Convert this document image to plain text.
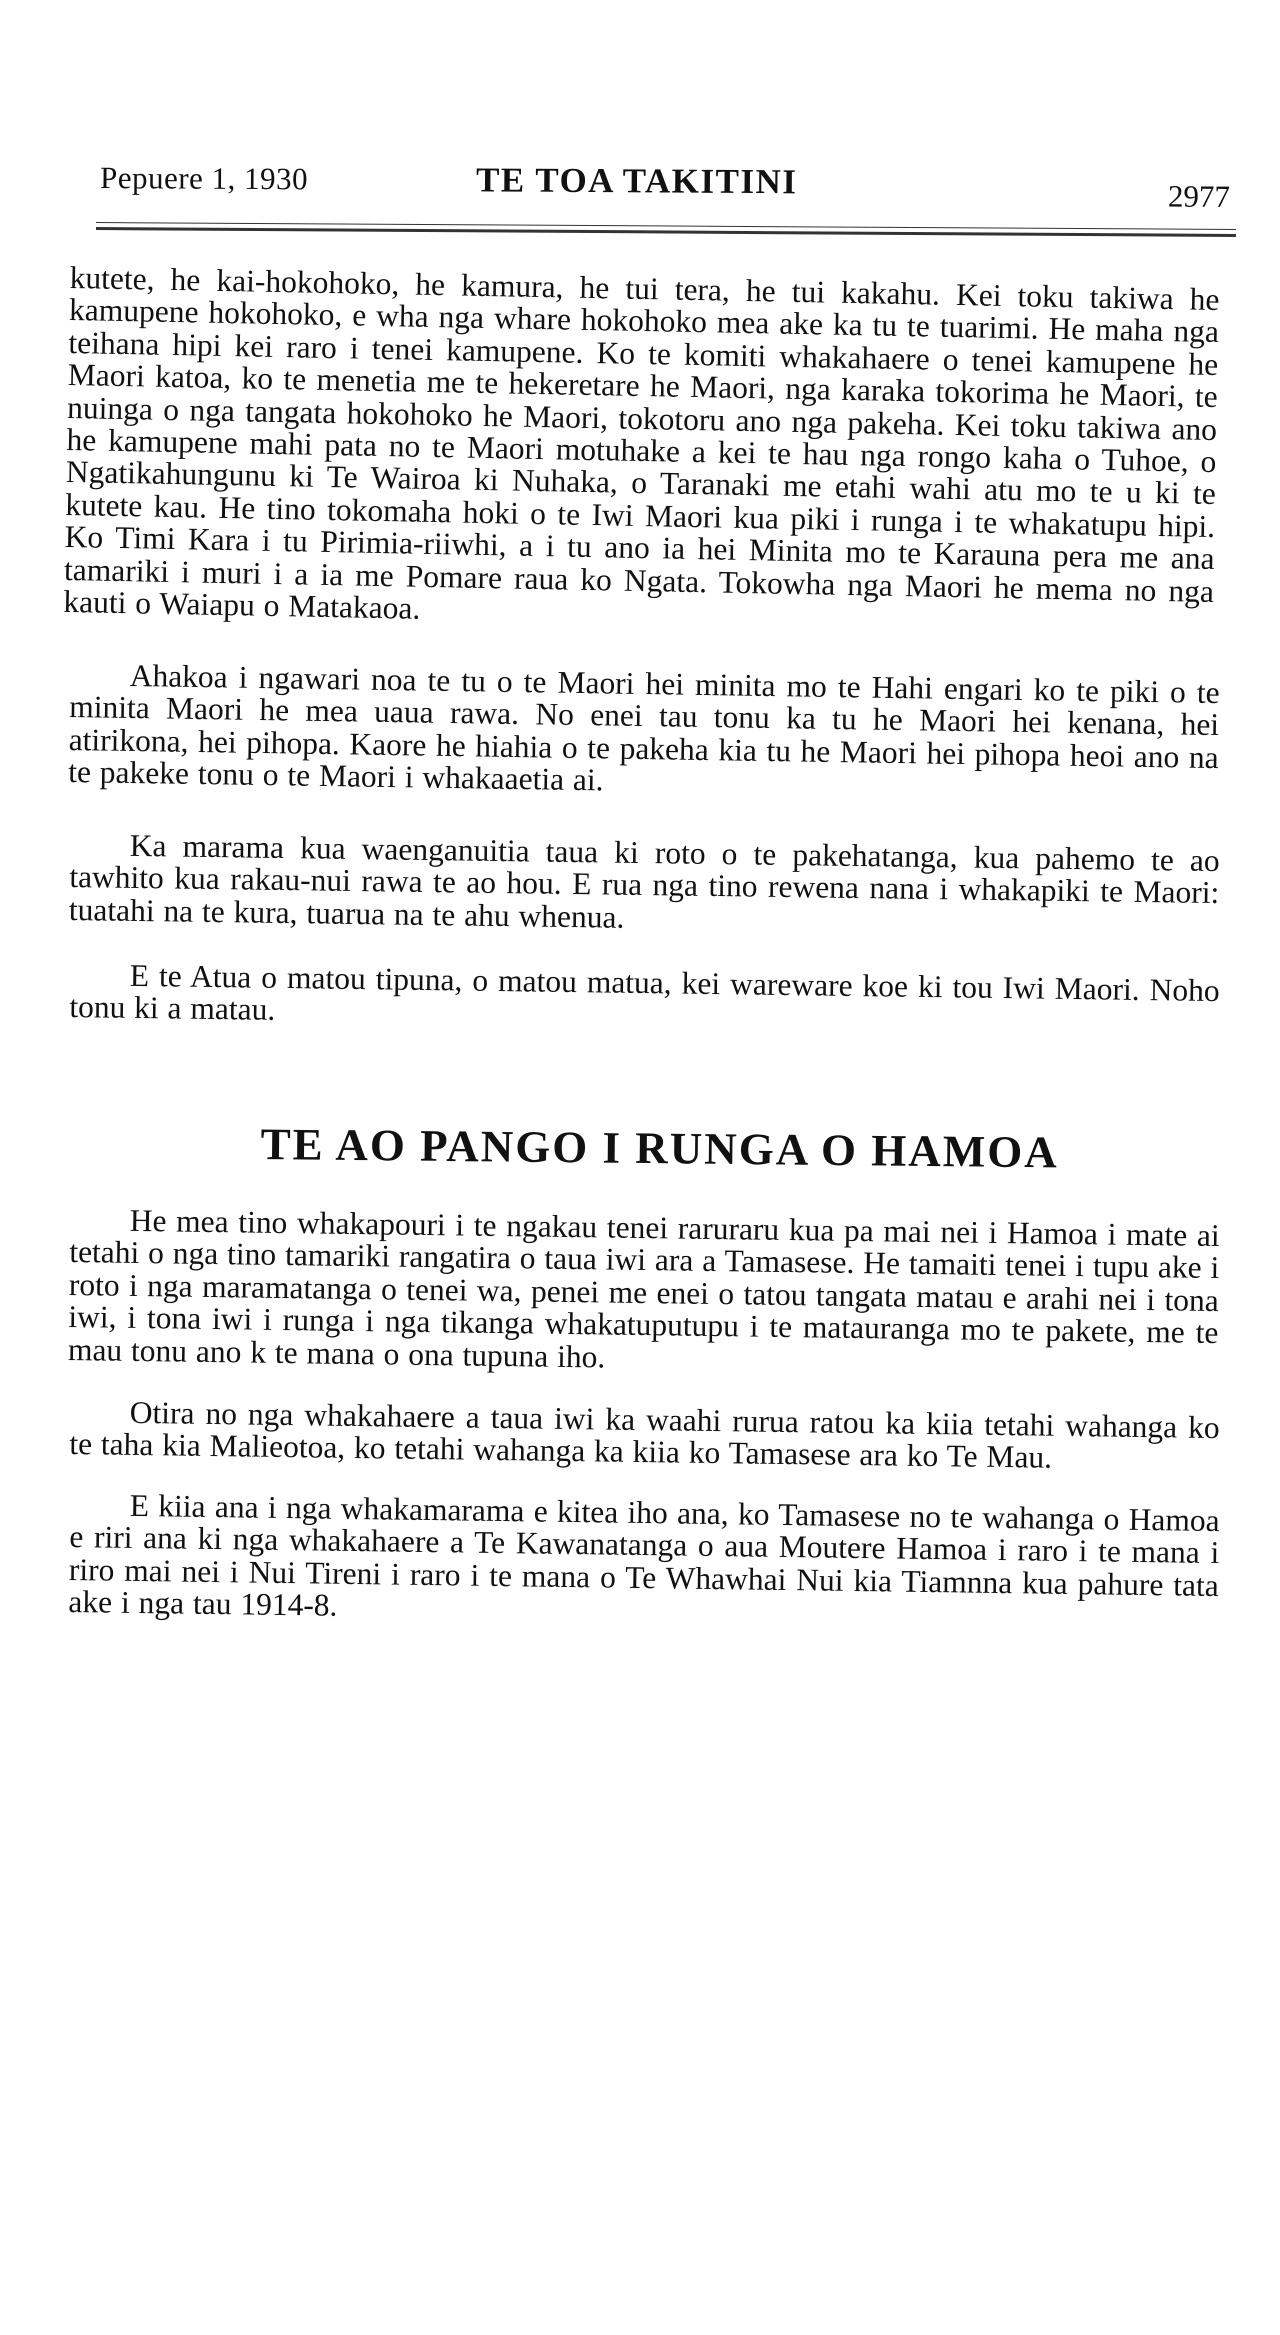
Pepuere 1, 1930	TE TOA TAKITINI	2977

kutete, he kai-hokohoko, he kamura, he tui tera, he tui kakahu. Kei toku takiwa he kamupene hokohoko, e wha nga whare hokohoko mea ake ka tu te tuarimi. He maha nga teihana hipi kei raro i tenei kamupene. Ko te komiti whakahaere o tenei kamupene he Maori katoa, ko te menetia me te hekeretare he Maori, nga karaka tokorima he Maori, te nuinga o nga tangata hokohoko he Maori, tokotoru ano nga pakeha. Kei toku takiwa ano he kamupene mahi pata no te Maori motuhake a kei te hau nga rongo kaha o Tuhoe, o Ngatikahungunu ki Te Wairoa ki Nuhaka, o Taranaki me etahi wahi atu mo te u ki te kutete kau. He tino tokomaha hoki o te Iwi Maori kua piki i runga i te whakatupu hipi. Ko Timi Kara i tu Pirimia-riiwhi, a i tu ano ia hei Minita mo te Karauna pera me ana tamariki i muri i a ia me Pomare raua ko Ngata. Tokowha nga Maori he mema no nga kauti o Waiapu o Matakaoa.

Ahakoa i ngawari noa te tu o te Maori hei minita mo te Hahi engari ko te piki o te minita Maori he mea uaua rawa. No enei tau tonu ka tu he Maori hei kenana, hei atirikona, hei pihopa. Kaore he hiahia o te pakeha kia tu he Maori hei pihopa heoi ano na te pakeke tonu o te Maori i whakaaetia ai.

Ka marama kua waenganuitia taua ki roto o te pakehatanga, kua pahemo te ao tawhito kua rakau-nui rawa te ao hou. E rua nga tino rewena nana i whakapiki te Maori: tuatahi na te kura, tuarua na te ahu whenua.

E te Atua o matou tipuna, o matou matua, kei wareware koe ki tou Iwi Maori. Noho tonu ki a matau.

TE AO PANGO I RUNGA O HAMOA

He mea tino whakapouri i te ngakau tenei raruraru kua pa mai nei i Hamoa i mate ai tetahi o nga tino tamariki rangatira o taua iwi ara a Tamasese. He tamaiti tenei i tupu ake i roto i nga maramatanga o tenei wa, penei me enei o tatou tangata matau e arahi nei i tona iwi, i tona iwi i runga i nga tikanga whakatuputupu i te matauranga mo te pakete, me te mau tonu ano k te mana o ona tupuna iho.

Otira no nga whakahaere a taua iwi ka waahi rurua ratou ka kiia tetahi wahanga ko te taha kia Malieotoa, ko tetahi wahanga ka kiia ko Tamasese ara ko Te Mau.

E kiia ana i nga whakamarama e kitea iho ana, ko Tamasese no te wahanga o Hamoa e riri ana ki nga whakahaere a Te Kawanatanga o aua Moutere Hamoa i raro i te mana i riro mai nei i Nui Tireni i raro i te mana o Te Whawhai Nui kia Tiamnna kua pahure tata ake i nga tau 1914-8.
